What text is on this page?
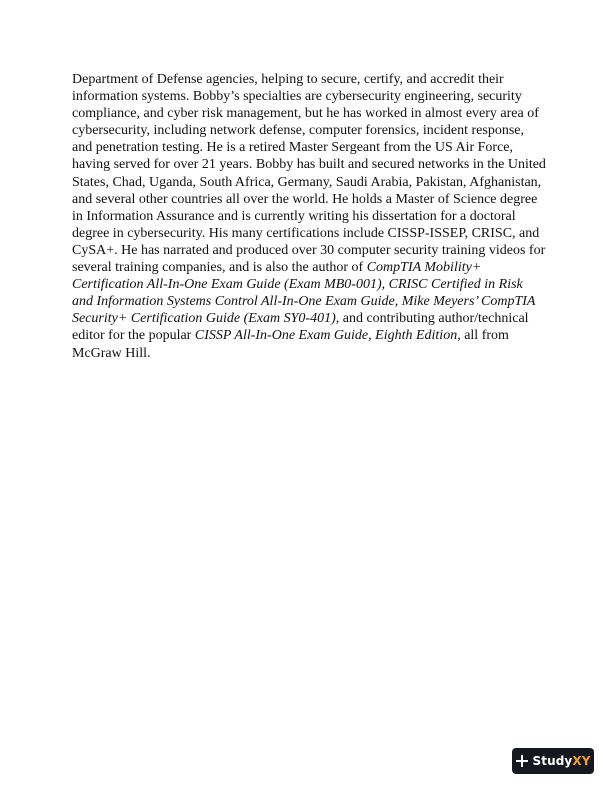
Department of Defense agencies, helping to secure, certify, and accredit their information systems. Bobby’s specialties are cybersecurity engineering, security compliance, and cyber risk management, but he has worked in almost every area of cybersecurity, including network defense, computer forensics, incident response, and penetration testing. He is a retired Master Sergeant from the US Air Force, having served for over 21 years. Bobby has built and secured networks in the United States, Chad, Uganda, South Africa, Germany, Saudi Arabia, Pakistan, Afghanistan, and several other countries all over the world. He holds a Master of Science degree in Information Assurance and is currently writing his dissertation for a doctoral degree in cybersecurity. His many certifications include CISSP-ISSEP, CRISC, and CySA+. He has narrated and produced over 30 computer security training videos for several training companies, and is also the author of CompTIA Mobility+ Certification All-In-One Exam Guide (Exam MB0-001), CRISC Certified in Risk and Information Systems Control All-In-One Exam Guide, Mike Meyers’ CompTIA Security+ Certification Guide (Exam SY0-401), and contributing author/technical editor for the popular CISSP All-In-One Exam Guide, Eighth Edition, all from McGraw Hill.

StudyXY
